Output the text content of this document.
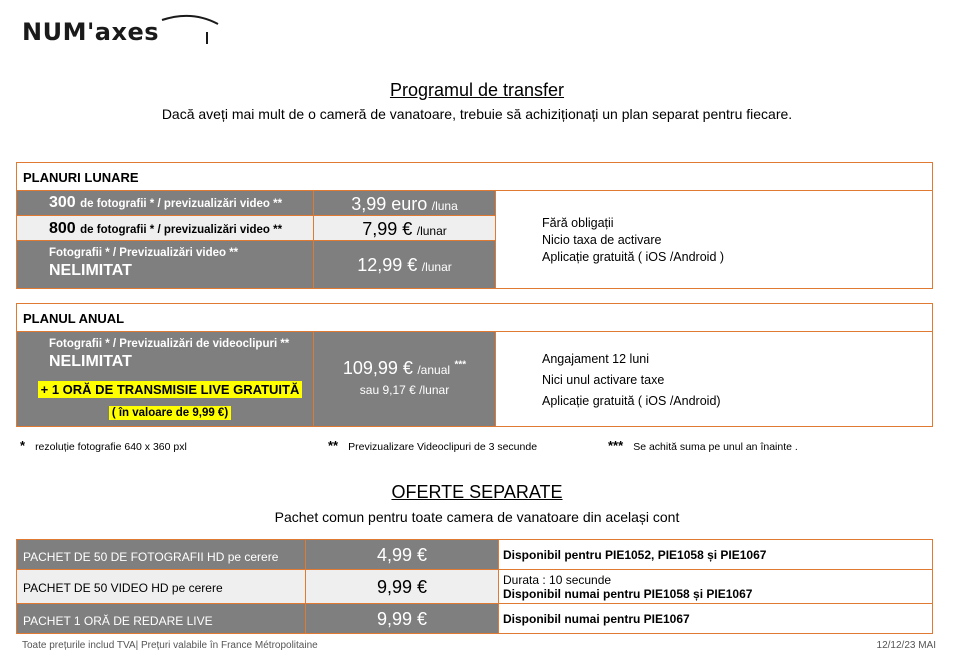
NUM'axes
Programul de transfer
Dacă aveți mai mult de o cameră de vanatoare, trebuie să achiziționați un plan separat pentru fiecare.
PLANURI LUNARE
300 de fotografii * / previzualizări video **	3,99 euro /luna
800 de fotografii * / previzualizări video **	7,99 € /lunar
Fotografii * / Previzualizări video **
NELIMITAT	12,99 € /lunar
Fără obligații
Nicio taxa de activare
Aplicație gratuită ( iOS /Android )
PLANUL ANUAL
Fotografii * / Previzualizări de videoclipuri **
NELIMITAT
+ 1 ORĂ DE TRANSMISIE LIVE GRATUITĂ
( în valoare de 9,99 €)
109,99 € /anual ***
sau 9,17 € /lunar
Angajament 12 luni
Nici unul activare taxe
Aplicație gratuită ( iOS /Android)
* rezoluție fotografie 640 x 360 pxl	** Previzualizare Videoclipuri de 3 secunde	*** Se achită suma pe unul an înainte .
OFERTE SEPARATE
Pachet comun pentru toate camera de vanatoare din același cont
PACHET DE 50 DE FOTOGRAFII HD pe cerere	4,99 €	Disponibil pentru PIE1052, PIE1058 și PIE1067
PACHET DE 50 VIDEO HD pe cerere	9,99 €	Durata : 10 secunde
Disponibil numai pentru PIE1058 și PIE1067
PACHET 1 ORĂ DE REDARE LIVE	9,99 €	Disponibil numai pentru PIE1067
Toate prețurile includ TVA| Prețuri valabile în France Métropolitaine	12/12/23 MAI
